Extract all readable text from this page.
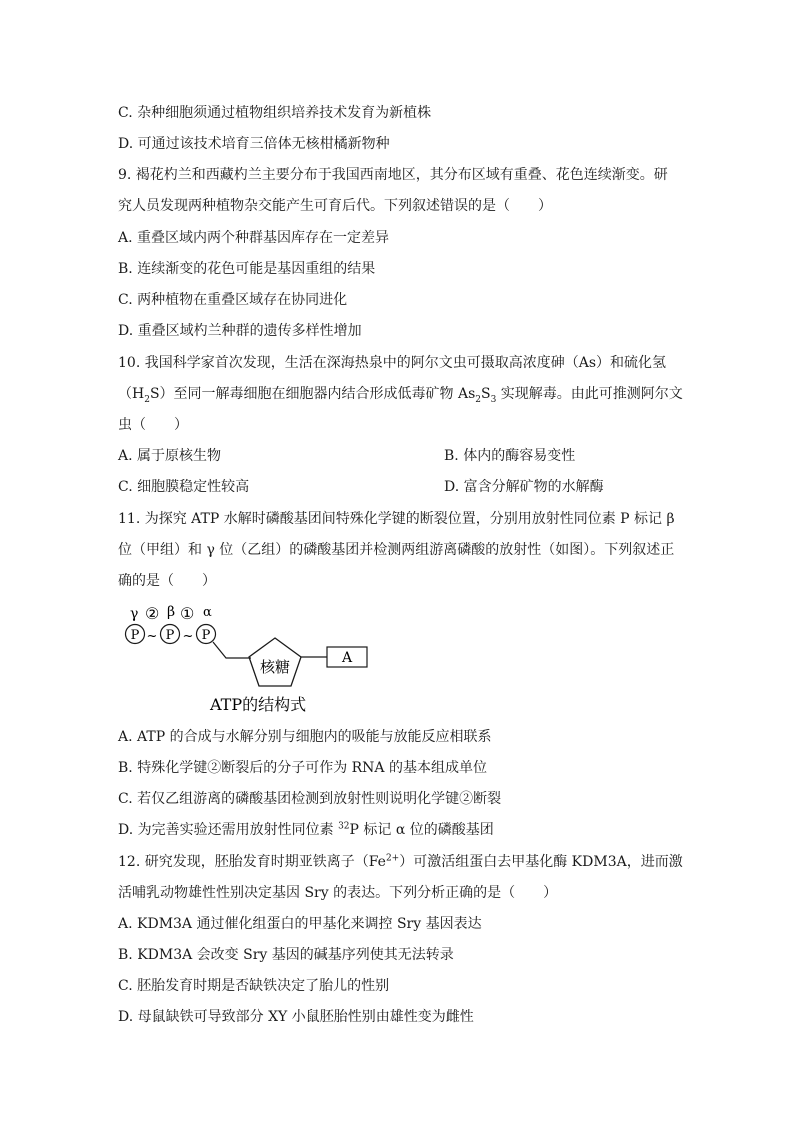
C. 杂种细胞须通过植物组织培养技术发育为新植株
D. 可通过该技术培育三倍体无核柑橘新物种
9. 褐花杓兰和西藏杓兰主要分布于我国西南地区，其分布区域有重叠、花色连续渐变。研
究人员发现两种植物杂交能产生可育后代。下列叙述错误的是（　　）
A. 重叠区域内两个种群基因库存在一定差异
B. 连续渐变的花色可能是基因重组的结果
C. 两种植物在重叠区域存在协同进化
D. 重叠区域杓兰种群的遗传多样性增加
10. 我国科学家首次发现，生活在深海热泉中的阿尔文虫可摄取高浓度砷（As）和硫化氢
$(H_2S)$至同一解毒细胞在细胞器内结合形成低毒矿物 $As_2S_3$ 实现解毒。由此可推测阿尔文
虫（　　）
A. 属于原核生物	B. 体内的酶容易变性
C. 细胞膜稳定性较高	D. 富含分解矿物的水解酶
11. 为探究 ATP 水解时磷酸基团间特殊化学键的断裂位置，分别用放射性同位素 P 标记 β
位（甲组）和 γ 位（乙组）的磷酸基团并检测两组游离磷酸的放射性（如图）。下列叙述正
确的是（　　）
γ ② β ① α
P ~ P ~ P
核糖	A
ATP的结构式
A. ATP 的合成与水解分别与细胞内的吸能与放能反应相联系
B. 特殊化学键②断裂后的分子可作为 RNA 的基本组成单位
C. 若仅乙组游离的磷酸基团检测到放射性则说明化学键②断裂
D. 为完善实验还需用放射性同位素 $^{32}$P 标记 α 位的磷酸基团
12. 研究发现，胚胎发育时期亚铁离子$(Fe^{2+})$可激活组蛋白去甲基化酶 KDM3A，进而激
活哺乳动物雄性性别决定基因 Sry 的表达。下列分析正确的是（　　）
A. KDM3A 通过催化组蛋白的甲基化来调控 Sry 基因表达
B. KDM3A 会改变 Sry 基因的碱基序列使其无法转录
C. 胚胎发育时期是否缺铁决定了胎儿的性别
D. 母鼠缺铁可导致部分 XY 小鼠胚胎性别由雄性变为雌性
